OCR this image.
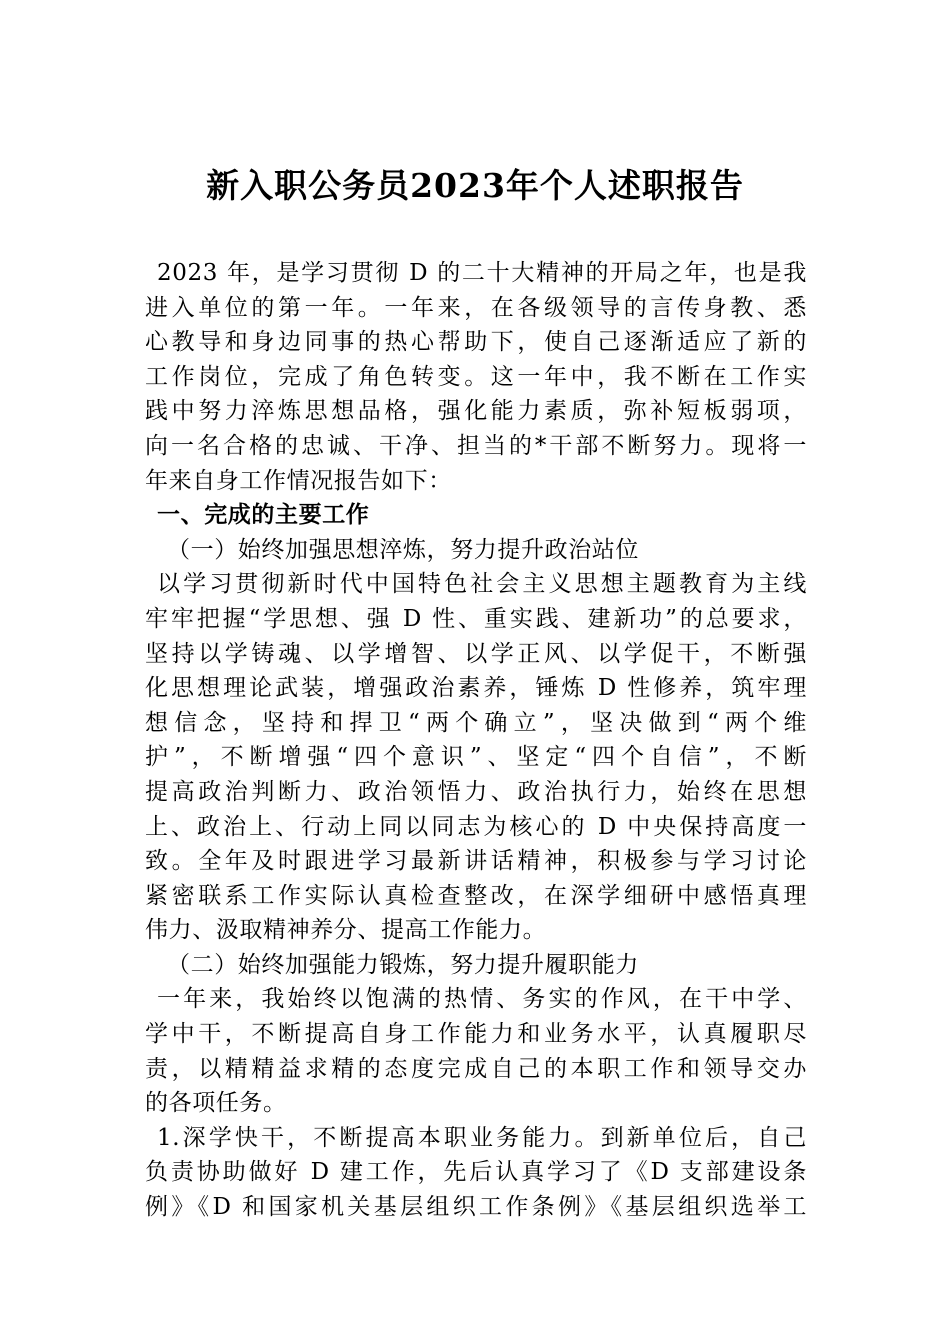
新入职公务员2023年个人述职报告
2023 年，是学习贯彻 D 的二十大精神的开局之年，也是我
进入单位的第一年。一年来，在各级领导的言传身教、悉
心教导和身边同事的热心帮助下，使自己逐渐适应了新的
工作岗位，完成了角色转变。这一年中，我不断在工作实
践中努力淬炼思想品格，强化能力素质，弥补短板弱项，
向一名合格的忠诚、干净、担当的*干部不断努力。现将一
年来自身工作情况报告如下：
一、完成的主要工作
（一）始终加强思想淬炼，努力提升政治站位
以学习贯彻新时代中国特色社会主义思想主题教育为主线
牢牢把握“学思想、强 D 性、重实践、建新功”的总要求，
坚持以学铸魂、以学增智、以学正风、以学促干，不断强
化思想理论武装，增强政治素养，锤炼 D 性修养，筑牢理
想信念，坚持和捍卫“两个确立”，坚决做到“两个维
护”，不断增强“四个意识”、坚定“四个自信”，不断
提高政治判断力、政治领悟力、政治执行力，始终在思想
上、政治上、行动上同以同志为核心的 D 中央保持高度一
致。全年及时跟进学习最新讲话精神，积极参与学习讨论
紧密联系工作实际认真检查整改，在深学细研中感悟真理
伟力、汲取精神养分、提高工作能力。
（二）始终加强能力锻炼，努力提升履职能力
一年来，我始终以饱满的热情、务实的作风，在干中学、
学中干，不断提高自身工作能力和业务水平，认真履职尽
责，以精精益求精的态度完成自己的本职工作和领导交办
的各项任务。
1.深学快干，不断提高本职业务能力。到新单位后，自己
负责协助做好 D 建工作，先后认真学习了《D 支部建设条
例》《D 和国家机关基层组织工作条例》《基层组织选举工
